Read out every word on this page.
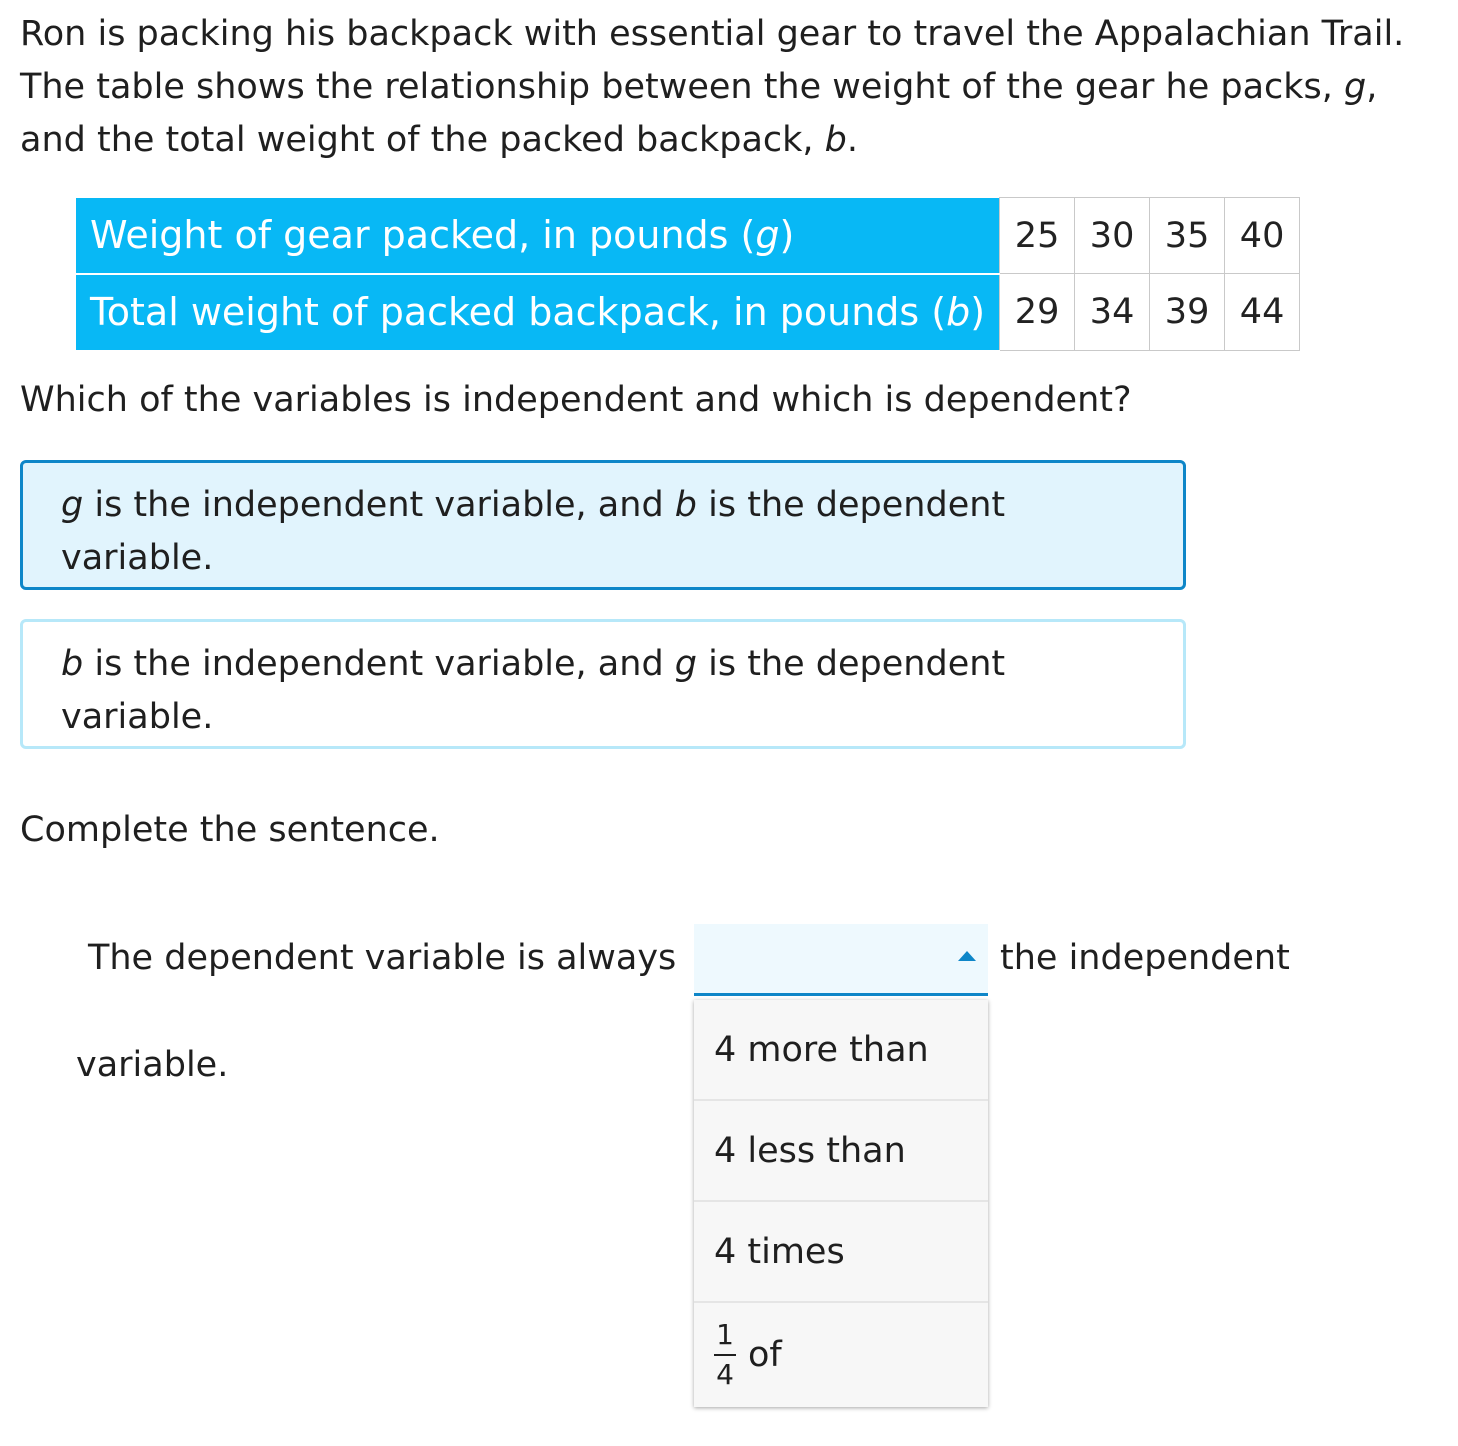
Ron is packing his backpack with essential gear to travel the Appalachian Trail. The table shows the relationship between the weight of the gear he packs, g, and the total weight of the packed backpack, b.

Weight of gear packed, in pounds (g)	25	30	35	40
Total weight of packed backpack, in pounds (b)	29	34	39	44

Which of the variables is independent and which is dependent?

g is the independent variable, and b is the dependent variable.
b is the independent variable, and g is the dependent variable.

Complete the sentence.

The dependent variable is always	the independent

variable.	4 more than
4 less than
4 times
$\frac{1}{4}$ of
